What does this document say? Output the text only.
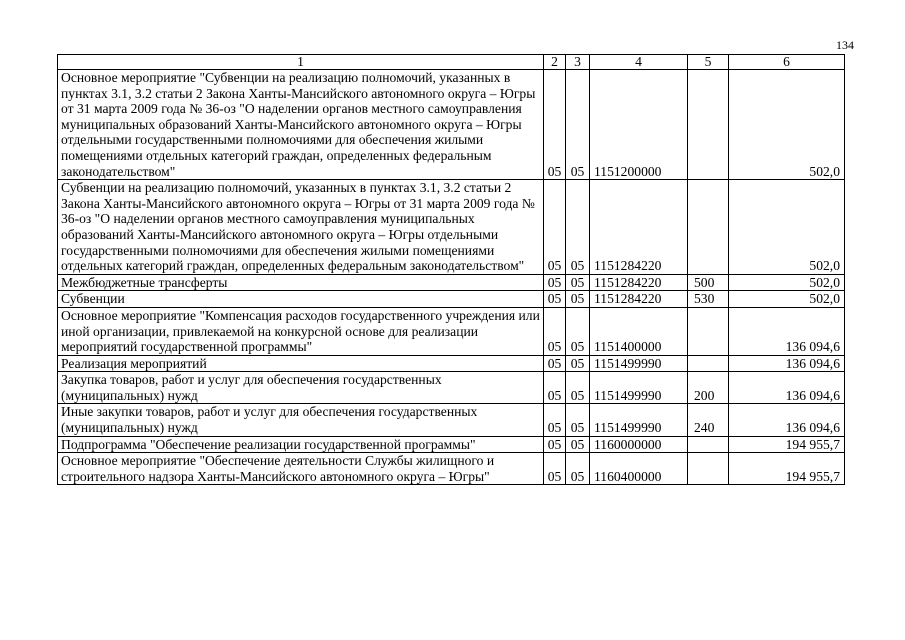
134
1	2	3	4	5	6
Основное мероприятие "Субвенции на реализацию полномочий, указанных в пунктах 3.1, 3.2 статьи 2 Закона Ханты-Мансийского автономного округа – Югры от 31 марта 2009 года № 36-оз "О наделении органов местного самоуправления муниципальных образований Ханты-Мансийского автономного округа – Югры отдельными государственными полномочиями для обеспечения жилыми помещениями отдельных категорий граждан, определенных федеральным законодательством"	05	05	1151200000		502,0
Субвенции на реализацию полномочий, указанных в пунктах 3.1, 3.2 статьи 2 Закона Ханты-Мансийского автономного округа – Югры от 31 марта 2009 года № 36-оз "О наделении органов местного самоуправления муниципальных образований Ханты-Мансийского автономного округа – Югры отдельными государственными полномочиями для обеспечения жилыми помещениями отдельных категорий граждан, определенных федеральным законодательством"	05	05	1151284220		502,0
Межбюджетные трансферты	05	05	1151284220	500	502,0
Субвенции	05	05	1151284220	530	502,0
Основное мероприятие "Компенсация расходов государственного учреждения или иной организации, привлекаемой на конкурсной основе для реализации мероприятий государственной программы"	05	05	1151400000		136 094,6
Реализация мероприятий	05	05	1151499990		136 094,6
Закупка товаров, работ и услуг для обеспечения государственных (муниципальных) нужд	05	05	1151499990	200	136 094,6
Иные закупки товаров, работ и услуг для обеспечения государственных (муниципальных) нужд	05	05	1151499990	240	136 094,6
Подпрограмма "Обеспечение реализации государственной программы"	05	05	1160000000		194 955,7
Основное мероприятие "Обеспечение деятельности Службы жилищного и строительного надзора Ханты-Мансийского автономного округа – Югры"	05	05	1160400000		194 955,7
